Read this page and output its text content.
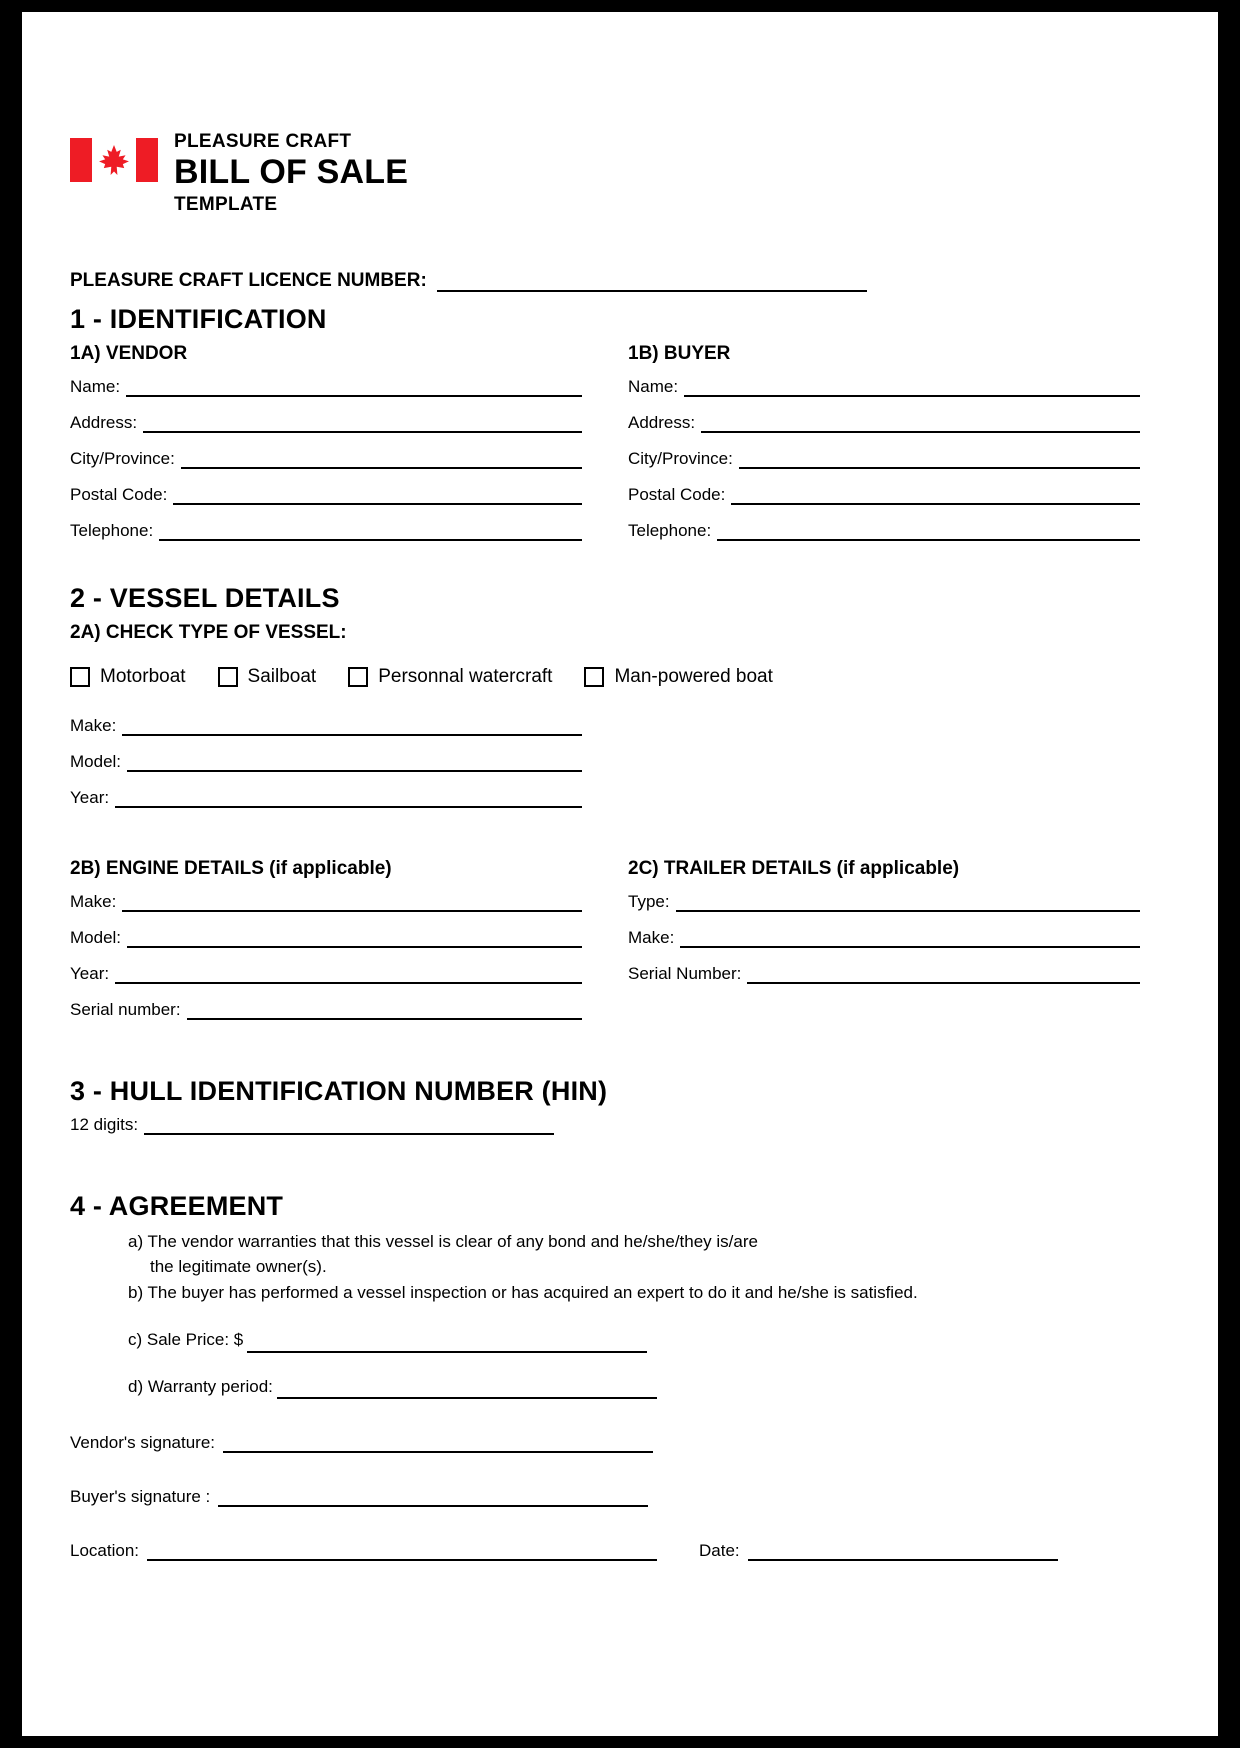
PLEASURE CRAFT

BILL OF SALE

TEMPLATE

PLEASURE CRAFT LICENCE NUMBER:
1 - IDENTIFICATION
1A) VENDOR
Name:
Address:
City/Province:
Postal Code:
Telephone:
1B) BUYER
Name:
Address:
City/Province:
Postal Code:
Telephone:
2 - VESSEL DETAILS
2A) CHECK TYPE OF VESSEL:
Motorboat	Sailboat	Personnal watercraft	Man-powered boat
Make:
Model:
Year:
2B) ENGINE DETAILS (if applicable)
Make:
Model:
Year:
Serial number:
2C) TRAILER DETAILS (if applicable)
Type:
Make:
Serial Number:
3 - HULL IDENTIFICATION NUMBER (HIN)
12 digits:
4 - AGREEMENT
a) The vendor warranties that this vessel is clear of any bond and he/she/they is/are
the legitimate owner(s).
b) The buyer has performed a vessel inspection or has acquired an expert to do it and he/she is satisfied.
c) Sale Price: $
d) Warranty period:
Vendor's signature:
Buyer's signature :
Location:	Date:
